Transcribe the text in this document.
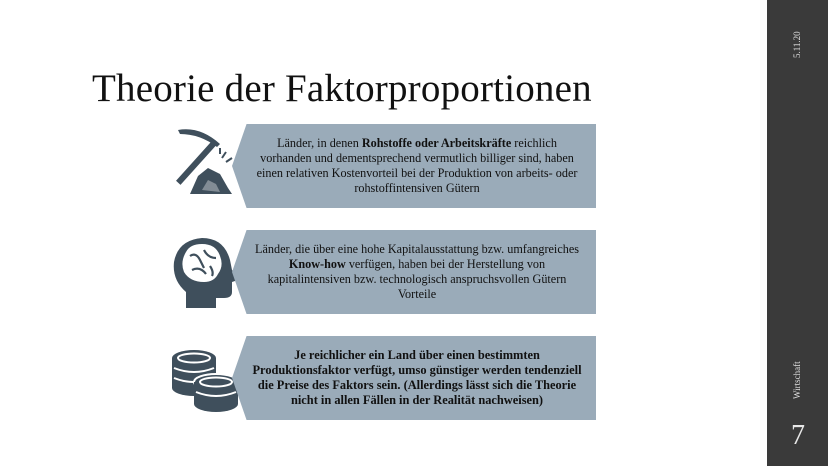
Theorie der Faktorproportionen
Länder, in denen Rohstoffe oder Arbeitskräfte reichlich vorhanden und dementsprechend vermutlich billiger sind, haben einen relativen Kostenvorteil bei der Produktion von arbeits- oder rohstoffintensiven Gütern
Länder, die über eine hohe Kapitalausstattung bzw. umfangreiches Know-how verfügen, haben bei der Herstellung von kapitalintensiven bzw. technologisch anspruchsvollen Gütern Vorteile
Je reichlicher ein Land über einen bestimmten Produktionsfaktor verfügt, umso günstiger werden tendenziell die Preise des Faktors sein. (Allerdings lässt sich die Theorie nicht in allen Fällen in der Realität nachweisen)
5.11.20
Wirtschaft
7
